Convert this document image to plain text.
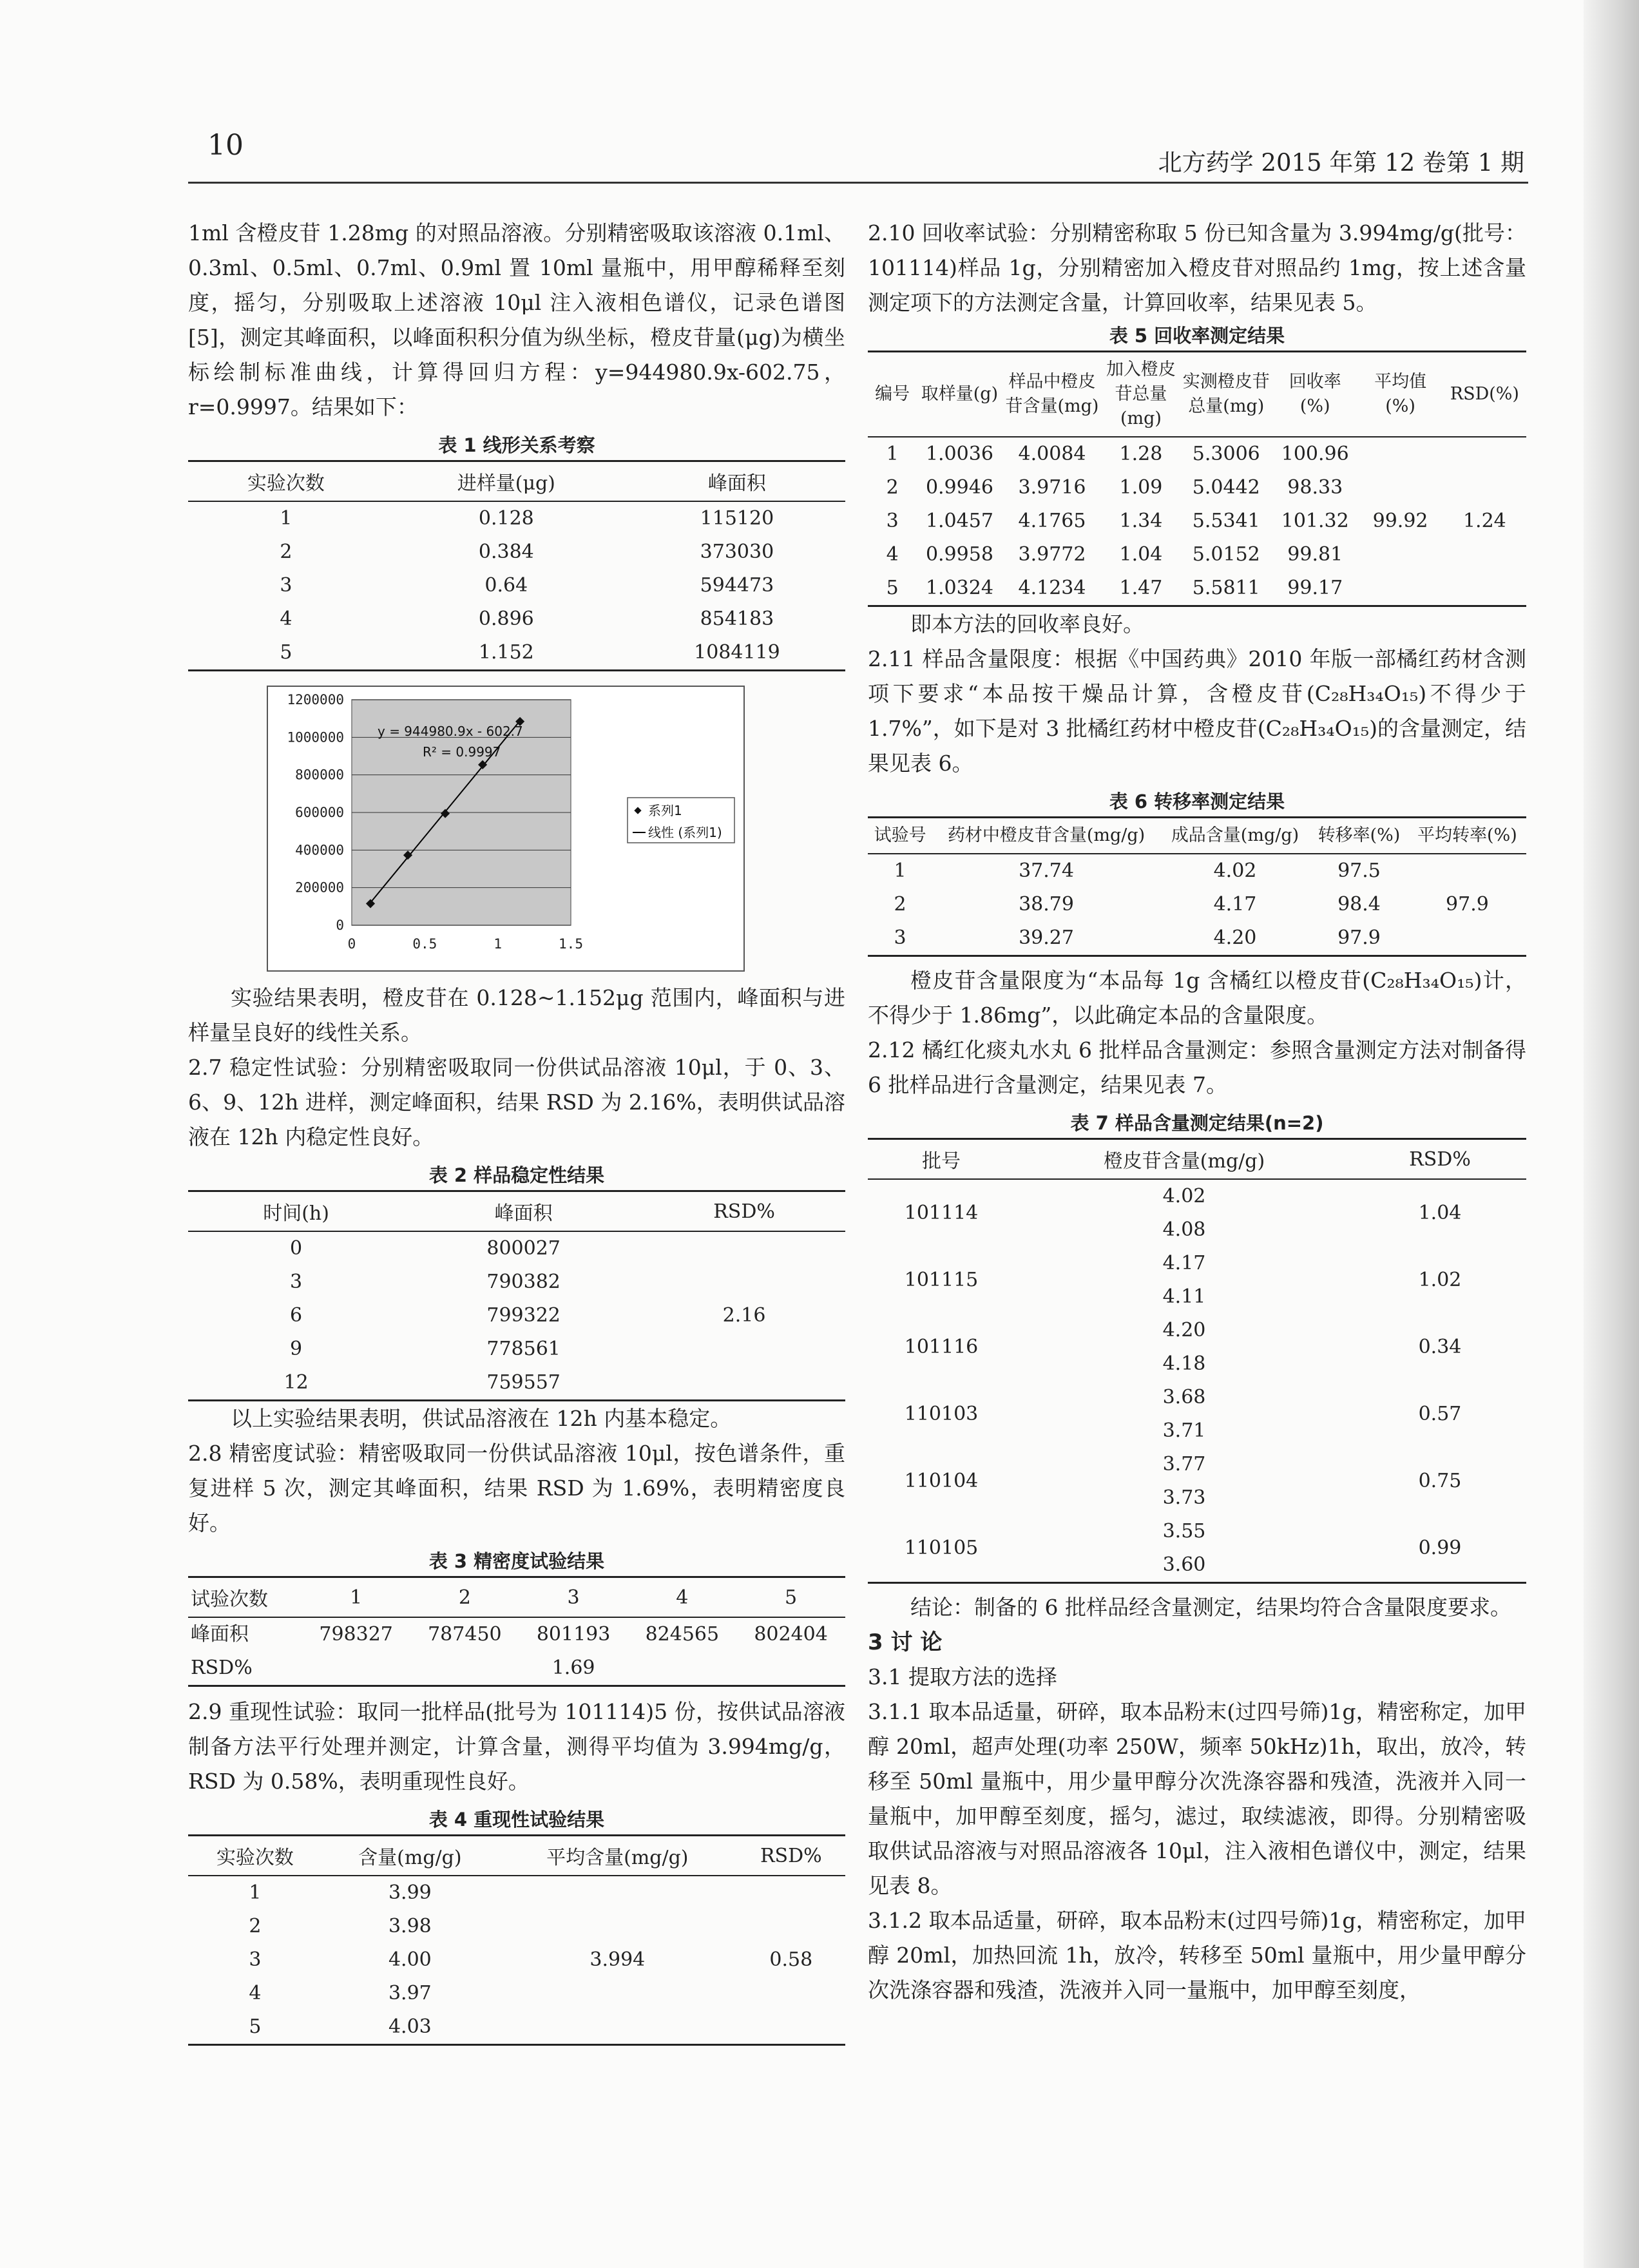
10
北方药学 2015 年第 12 卷第 1 期

1ml 含橙皮苷 1.28mg 的对照品溶液。分别精密吸取该溶液 0.1ml、0.3ml、0.5ml、0.7ml、0.9ml 置 10ml 量瓶中，用甲醇稀释至刻度，摇匀，分别吸取上述溶液 10μl 注入液相色谱仪，记录色谱图[5]，测定其峰面积，以峰面积积分值为纵坐标，橙皮苷量(μg)为横坐标绘制标准曲线，计算得回归方程：y=944980.9x-602.75，r=0.9997。结果如下：

表 1 线形关系考察
实验次数	进样量(μg)	峰面积
1	0.128	115120
2	0.384	373030
3	0.64	594473
4	0.896	854183
5	1.152	1084119
0
200000
400000
600000
800000
1000000
1200000
0	0.5	1	1.5
y = 944980.9x - 602.7
R² = 0.9997
系列1
线性 (系列1)

实验结果表明，橙皮苷在 0.128~1.152μg 范围内，峰面积与进样量呈良好的线性关系。

2.7 稳定性试验：分别精密吸取同一份供试品溶液 10μl，于 0、3、6、9、12h 进样，测定峰面积，结果 RSD 为 2.16%，表明供试品溶液在 12h 内稳定性良好。

表 2 样品稳定性结果
时间(h)	峰面积	RSD%
0	800027	2.16
3	790382	
6	799322	
9	778561	
12	759557	

以上实验结果表明，供试品溶液在 12h 内基本稳定。

2.8 精密度试验：精密吸取同一份供试品溶液 10μl，按色谱条件，重复进样 5 次，测定其峰面积，结果 RSD 为 1.69%，表明精密度良好。

表 3 精密度试验结果
试验次数	1	2	3	4	5
峰面积	798327	787450	801193	824565	802404
RSD%			1.69		

2.9 重现性试验：取同一批样品(批号为 101114)5 份，按供试品溶液制备方法平行处理并测定，计算含量，测得平均值为 3.994mg/g，RSD 为 0.58%，表明重现性良好。

表 4 重现性试验结果
实验次数	含量(mg/g)	平均含量(mg/g)	RSD%
1	3.99	3.994	0.58
2	3.98		
3	4.00		
4	3.97		
5	4.03		

2.10 回收率试验：分别精密称取 5 份已知含量为 3.994mg/g(批号：101114)样品 1g，分别精密加入橙皮苷对照品约 1mg，按上述含量测定项下的方法测定含量，计算回收率，结果见表 5。

表 5 回收率测定结果
编号	取样量(g)	样品中橙皮苷含量(mg)	加入橙皮苷总量(mg)	实测橙皮苷总量(mg)	回收率(%)	平均值(%)	RSD(%)
1	1.0036	4.0084	1.28	5.3006	100.96	99.92	1.24
2	0.9946	3.9716	1.09	5.0442	98.33		
3	1.0457	4.1765	1.34	5.5341	101.32		
4	0.9958	3.9772	1.04	5.0152	99.81		
5	1.0324	4.1234	1.47	5.5811	99.17		

即本方法的回收率良好。

2.11 样品含量限度：根据《中国药典》2010 年版一部橘红药材含测项下要求“本品按干燥品计算，含橙皮苷(C₂₈H₃₄O₁₅)不得少于 1.7%”，如下是对 3 批橘红药材中橙皮苷(C₂₈H₃₄O₁₅)的含量测定，结果见表 6。

表 6 转移率测定结果
试验号	药材中橙皮苷含量(mg/g)	成品含量(mg/g)	转移率(%)	平均转率(%)
1	37.74	4.02	97.5	97.9
2	38.79	4.17	98.4	
3	39.27	4.20	97.9	

橙皮苷含量限度为“本品每 1g 含橘红以橙皮苷(C₂₈H₃₄O₁₅)计，不得少于 1.86mg”，以此确定本品的含量限度。

2.12 橘红化痰丸水丸 6 批样品含量测定：参照含量测定方法对制备得 6 批样品进行含量测定，结果见表 7。

表 7 样品含量测定结果(n=2)
批号	橙皮苷含量(mg/g)	RSD%
101114	4.02	1.04
	4.08	
101115	4.17	1.02
	4.11	
101116	4.20	0.34
	4.18	
110103	3.68	0.57
	3.71	
110104	3.77	0.75
	3.73	
110105	3.55	0.99
	3.60	

结论：制备的 6 批样品经含量测定，结果均符合含量限度要求。

3 讨 论

3.1 提取方法的选择

3.1.1 取本品适量，研碎，取本品粉末(过四号筛)1g，精密称定，加甲醇 20ml，超声处理(功率 250W，频率 50kHz)1h，取出，放冷，转移至 50ml 量瓶中，用少量甲醇分次洗涤容器和残渣，洗液并入同一量瓶中，加甲醇至刻度，摇匀，滤过，取续滤液，即得。分别精密吸取供试品溶液与对照品溶液各 10μl，注入液相色谱仪中，测定，结果见表 8。

3.1.2 取本品适量，研碎，取本品粉末(过四号筛)1g，精密称定，加甲醇 20ml，加热回流 1h，放冷，转移至 50ml 量瓶中，用少量甲醇分次洗涤容器和残渣，洗液并入同一量瓶中，加甲醇至刻度，
